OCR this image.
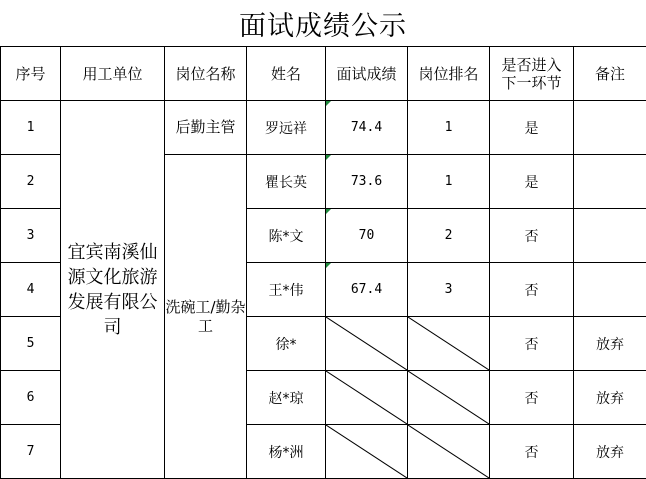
面试成绩公示
序号	用工单位	岗位名称	姓名	面试成绩	岗位排名	是否进入下一环节	备注
1	宜宾南溪仙源文化旅游发展有限公司	后勤主管	罗远祥	74.4	1	是	
2		洗碗工/勤杂工	瞿长英	73.6	1	是	
3			陈*文	70	2	否	
4			王*伟	67.4	3	否	
5			徐*			否	放弃
6			赵*琼			否	放弃
7			杨*洲			否	放弃
